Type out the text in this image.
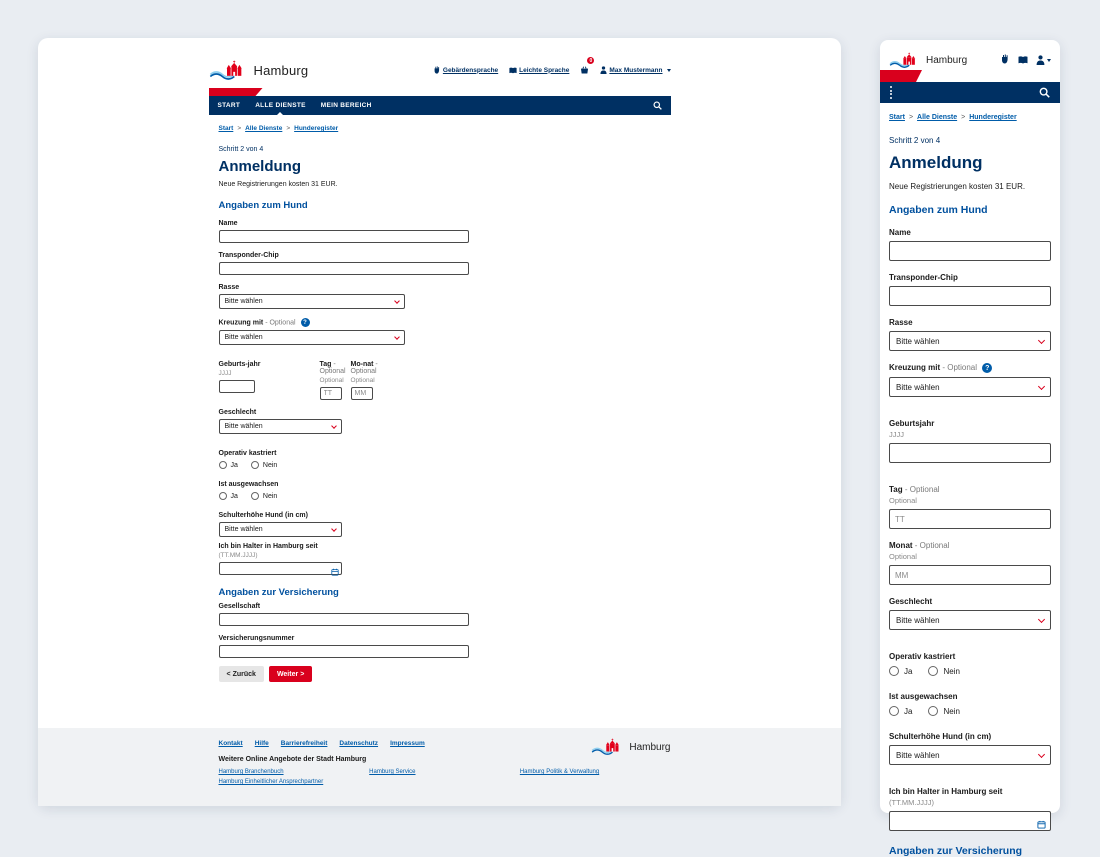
Hamburg	Gebärdensprache	Leichte Sprache
0
Max Mustermann
START ALLE DIENSTE MEIN BEREICH
Start > Alle Dienste > Hunderegister
Schritt 2 von 4
Anmeldung
Neue Registrierungen kosten 31 EUR.
Angaben zum Hund
Name
Transponder-Chip
Rasse
Bitte wählen
Kreuzung mit - Optional ?
Bitte wählen
Geburts-jahr
JJJJ
Tag - Optional
Optional
TT
Mo-nat - Optional
Optional
MM
Geschlecht
Bitte wählen
Operativ kastriert
Ja	Nein
Ist ausgewachsen
Ja	Nein
Schulterhöhe Hund (in cm)
Bitte wählen
Ich bin Halter in Hamburg seit
(TT.MM.JJJJ)
Angaben zur Versicherung
Gesellschaft
Versicherungsnummer
< Zurück	Weiter >
Kontakt Hilfe Barrierefreiheit Datenschutz Impressum
Weitere Online Angebote der Stadt Hamburg
Hamburg Branchenbuch
Hamburg Einheitlicher Ansprechpartner
Hamburg Service	Hamburg Politik & Verwaltung
Hamburg
Hamburg
Start > Alle Dienste > Hunderegister
Schritt 2 von 4
Anmeldung
Neue Registrierungen kosten 31 EUR.
Angaben zum Hund
Name
Transponder-Chip
Rasse
Bitte wählen
Kreuzung mit - Optional ?
Bitte wählen
Geburtsjahr
JJJJ
Tag - Optional
Optional
TT
Monat - Optional
Optional
MM
Geschlecht
Bitte wählen
Operativ kastriert
Ja	Nein
Ist ausgewachsen
Ja	Nein
Schulterhöhe Hund (in cm)
Bitte wählen
Ich bin Halter in Hamburg seit
(TT.MM.JJJJ)
Angaben zur Versicherung
